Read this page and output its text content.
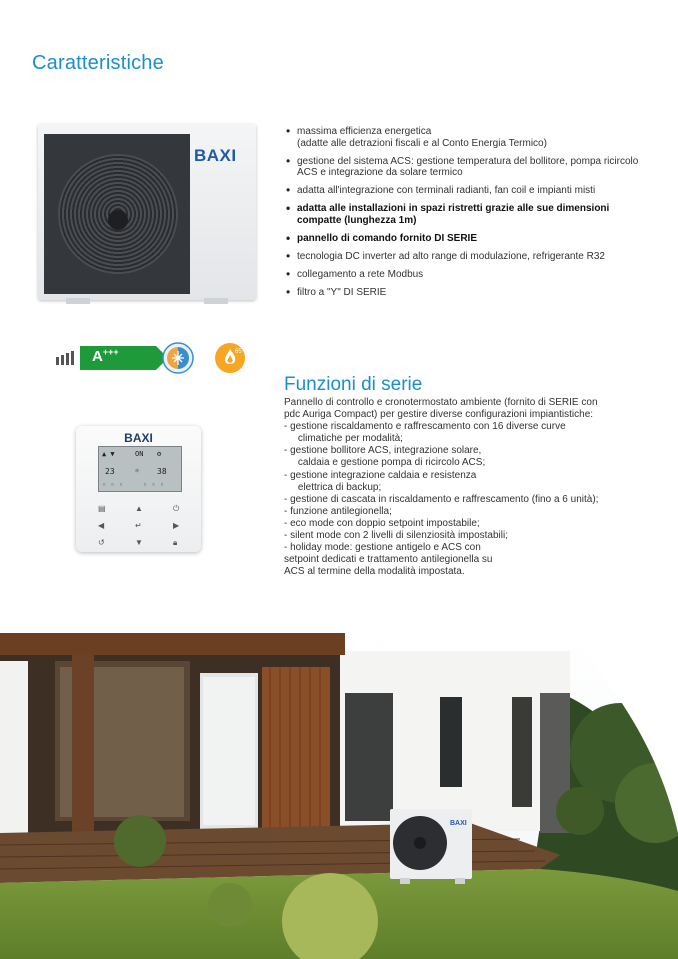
Caratteristiche
BAXI
• massima efficienza energetica
(adatte alle detrazioni fiscali e al Conto Energia Termico)
• gestione del sistema ACS: gestione temperatura del bollitore, pompa ricircolo
ACS e integrazione da solare termico
• adatta all'integrazione con terminali radianti, fan coil e impianti misti
• adatta alle installazioni in spazi ristretti grazie alle sue dimensioni
compatte (lunghezza 1m)
• pannello di comando fornito DI SERIE
• tecnologia DC inverter ad alto range di modulazione, refrigerante R32
• collegamento a rete Modbus
• filtro a "Y" DI SERIE
A+++	65
BAXI
▲ ▼	ON ⚙
23	☼ 38
◦ ◦ ◦	◦ ◦ ◦
▤	▲	⏻
◀	↵	▶
↺	▼	🔒︎
Funzioni di serie
Pannello di controllo e cronotermostato ambiente (fornito di SERIE con
pdc Auriga Compact) per gestire diverse configurazioni impiantistiche:
- gestione riscaldamento e raffrescamento con 16 diverse curve
climatiche per modalità;
- gestione bollitore ACS, integrazione solare,
caldaia e gestione pompa di ricircolo ACS;
- gestione integrazione caldaia e resistenza
elettrica di backup;
- gestione di cascata in riscaldamento e raffrescamento (fino a 6 unità);
- funzione antilegionella;
- eco mode con doppio setpoint impostabile;
- silent mode con 2 livelli di silenziosità impostabili;
- holiday mode: gestione antigelo e ACS con
setpoint dedicati e trattamento antilegionella su
ACS al termine della modalità impostata.
BAXI
